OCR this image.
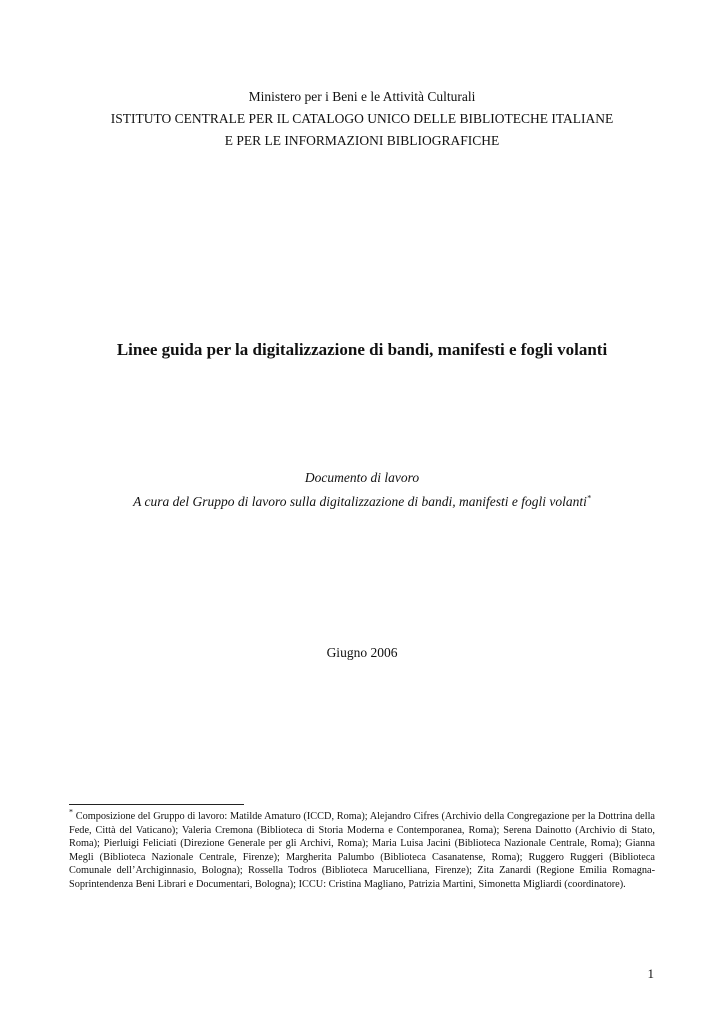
Ministero per i Beni e le Attività Culturali
ISTITUTO CENTRALE PER IL CATALOGO UNICO DELLE BIBLIOTECHE ITALIANE
E PER LE INFORMAZIONI BIBLIOGRAFICHE
Linee guida per la digitalizzazione di bandi, manifesti e fogli volanti
Documento di lavoro
A cura del Gruppo di lavoro sulla digitalizzazione di bandi, manifesti e fogli volanti*
Giugno 2006
* Composizione del Gruppo di lavoro: Matilde Amaturo (ICCD, Roma); Alejandro Cifres (Archivio della Congregazione per la Dottrina della Fede, Città del Vaticano); Valeria Cremona (Biblioteca di Storia Moderna e Contemporanea, Roma); Serena Dainotto (Archivio di Stato, Roma); Pierluigi Feliciati (Direzione Generale per gli Archivi, Roma); Maria Luisa Jacini (Biblioteca Nazionale Centrale, Roma); Gianna Megli (Biblioteca Nazionale Centrale, Firenze); Margherita Palumbo (Biblioteca Casanatense, Roma); Ruggero Ruggeri (Biblioteca Comunale dell’Archiginnasio, Bologna); Rossella Todros (Biblioteca Marucelliana, Firenze); Zita Zanardi (Regione Emilia Romagna-Soprintendenza Beni Librari e Documentari, Bologna); ICCU: Cristina Magliano, Patrizia Martini, Simonetta Migliardi (coordinatore).
1
